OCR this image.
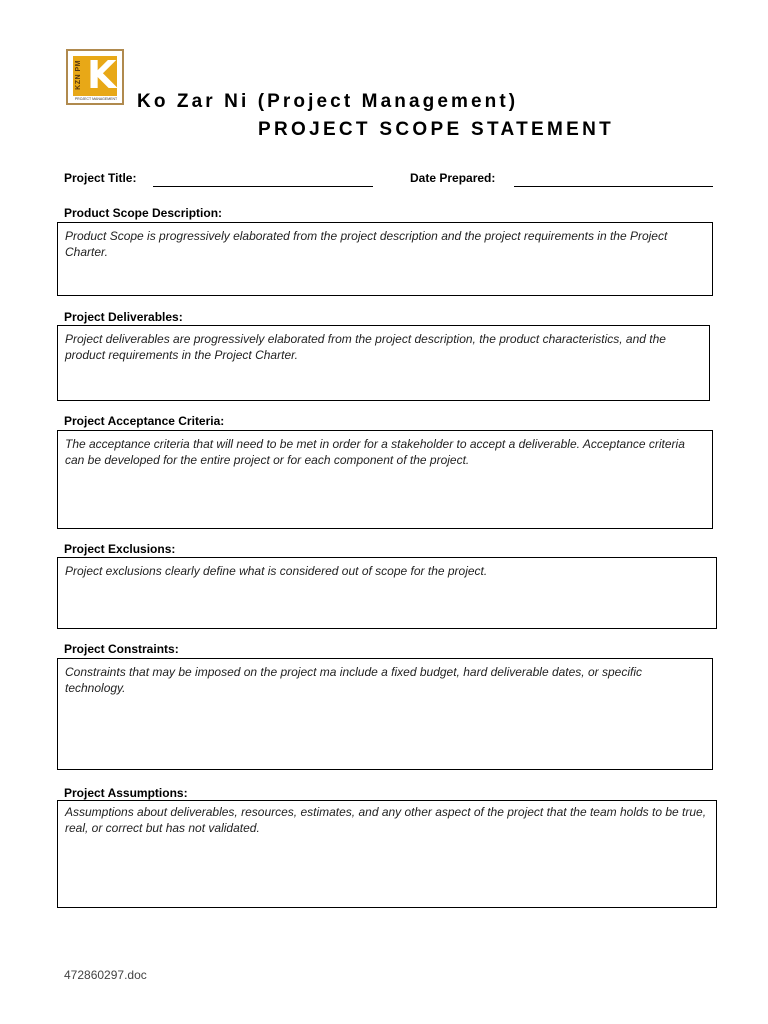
KZN PM K
PROJECT MANAGEMENT Ko Zar Ni (Project Management)
PROJECT SCOPE STATEMENT
Project Title:	Date Prepared:
Product Scope Description:
Product Scope is progressively elaborated from the project description and the project requirements in the Project Charter.
Project Deliverables:
Project deliverables are progressively elaborated from the project description, the product characteristics, and the product requirements in the Project Charter.
Project Acceptance Criteria:
The acceptance criteria that will need to be met in order for a stakeholder to accept a deliverable. Acceptance criteria can be developed for the entire project or for each component of the project.
Project Exclusions:
Project exclusions clearly define what is considered out of scope for the project.
Project Constraints:
Constraints that may be imposed on the project ma include a fixed budget, hard deliverable dates, or specific technology.
Project Assumptions:
Assumptions about deliverables, resources, estimates, and any other aspect of the project that the team holds to be true, real, or correct but has not validated.
472860297.doc
